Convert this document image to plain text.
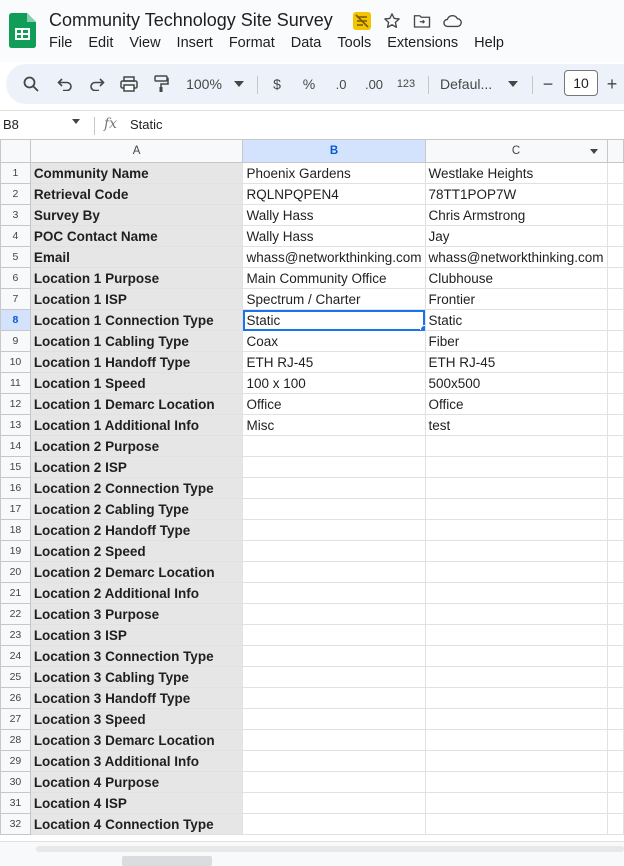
Community Technology Site Survey
File Edit View Insert Format Data Tools Extensions Help
100%	$	%	.0	.00 123 Defaul...	−	10 +
B8	fx Static
	A	B	C

1	Community Name	Phoenix Gardens	Westlake Heights	
2	Retrieval Code	RQLNPQPEN4	78TT1POP7W	
3	Survey By	Wally Hass	Chris Armstrong	
4	POC Contact Name	Wally Hass	Jay	
5	Email	whass@networkthinking.com	whass@networkthinking.com	
6	Location 1 Purpose	Main Community Office	Clubhouse	
7	Location 1 ISP	Spectrum / Charter	Frontier	
8	Location 1 Connection Type	Static	Static	
9	Location 1 Cabling Type	Coax	Fiber	
10	Location 1 Handoff Type	ETH RJ-45	ETH RJ-45	
11	Location 1 Speed	100 x 100	500x500	
12	Location 1 Demarc Location	Office	Office	
13	Location 1 Additional Info	Misc	test	
14	Location 2 Purpose			
15	Location 2 ISP			
16	Location 2 Connection Type			
17	Location 2 Cabling Type			
18	Location 2 Handoff Type			
19	Location 2 Speed			
20	Location 2 Demarc Location			
21	Location 2 Additional Info			
22	Location 3 Purpose			
23	Location 3 ISP			
24	Location 3 Connection Type			
25	Location 3 Cabling Type			
26	Location 3 Handoff Type			
27	Location 3 Speed			
28	Location 3 Demarc Location			
29	Location 3 Additional Info			
30	Location 4 Purpose			
31	Location 4 ISP			
32	Location 4 Connection Type			
